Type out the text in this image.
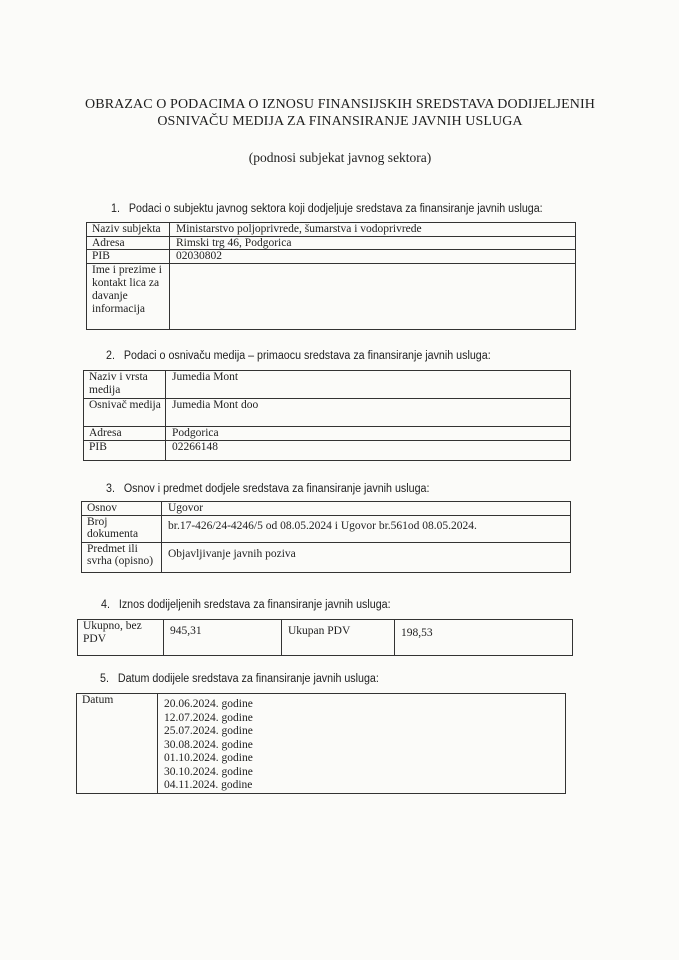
OBRAZAC O PODACIMA O IZNOSU FINANSIJSKIH SREDSTAVA DODIJELJENIH
OSNIVAČU MEDIJA ZA FINANSIRANJE JAVNIH USLUGA
(podnosi subjekat javnog sektora)
1. Podaci o subjektu javnog sektora koji dodjeljuje sredstava za finansiranje javnih usluga:
Naziv subjekta	Ministarstvo poljoprivrede, šumarstva i vodoprivrede
Adresa	Rimski trg 46, Podgorica
PIB	02030802
Ime i prezime i kontakt lica za davanje informacija	
2. Podaci o osnivaču medija – primaocu sredstava za finansiranje javnih usluga:
Naziv i vrsta medija	Jumedia Mont
Osnivač medija	Jumedia Mont doo
Adresa	Podgorica
PIB	02266148
3. Osnov i predmet dodjele sredstava za finansiranje javnih usluga:
Osnov	Ugovor
Broj dokumenta	br.17-426/24-4246/5 od 08.05.2024 i Ugovor br.561od 08.05.2024.
Predmet ili svrha (opisno)	Objavljivanje javnih poziva
4. Iznos dodijeljenih sredstava za finansiranje javnih usluga:
Ukupno, bez PDV	945,31	Ukupan PDV	198,53
5. Datum dodijele sredstava za finansiranje javnih usluga:
Datum	20.06.2024. godine
12.07.2024. godine
25.07.2024. godine
30.08.2024. godine
01.10.2024. godine
30.10.2024. godine
04.11.2024. godine
